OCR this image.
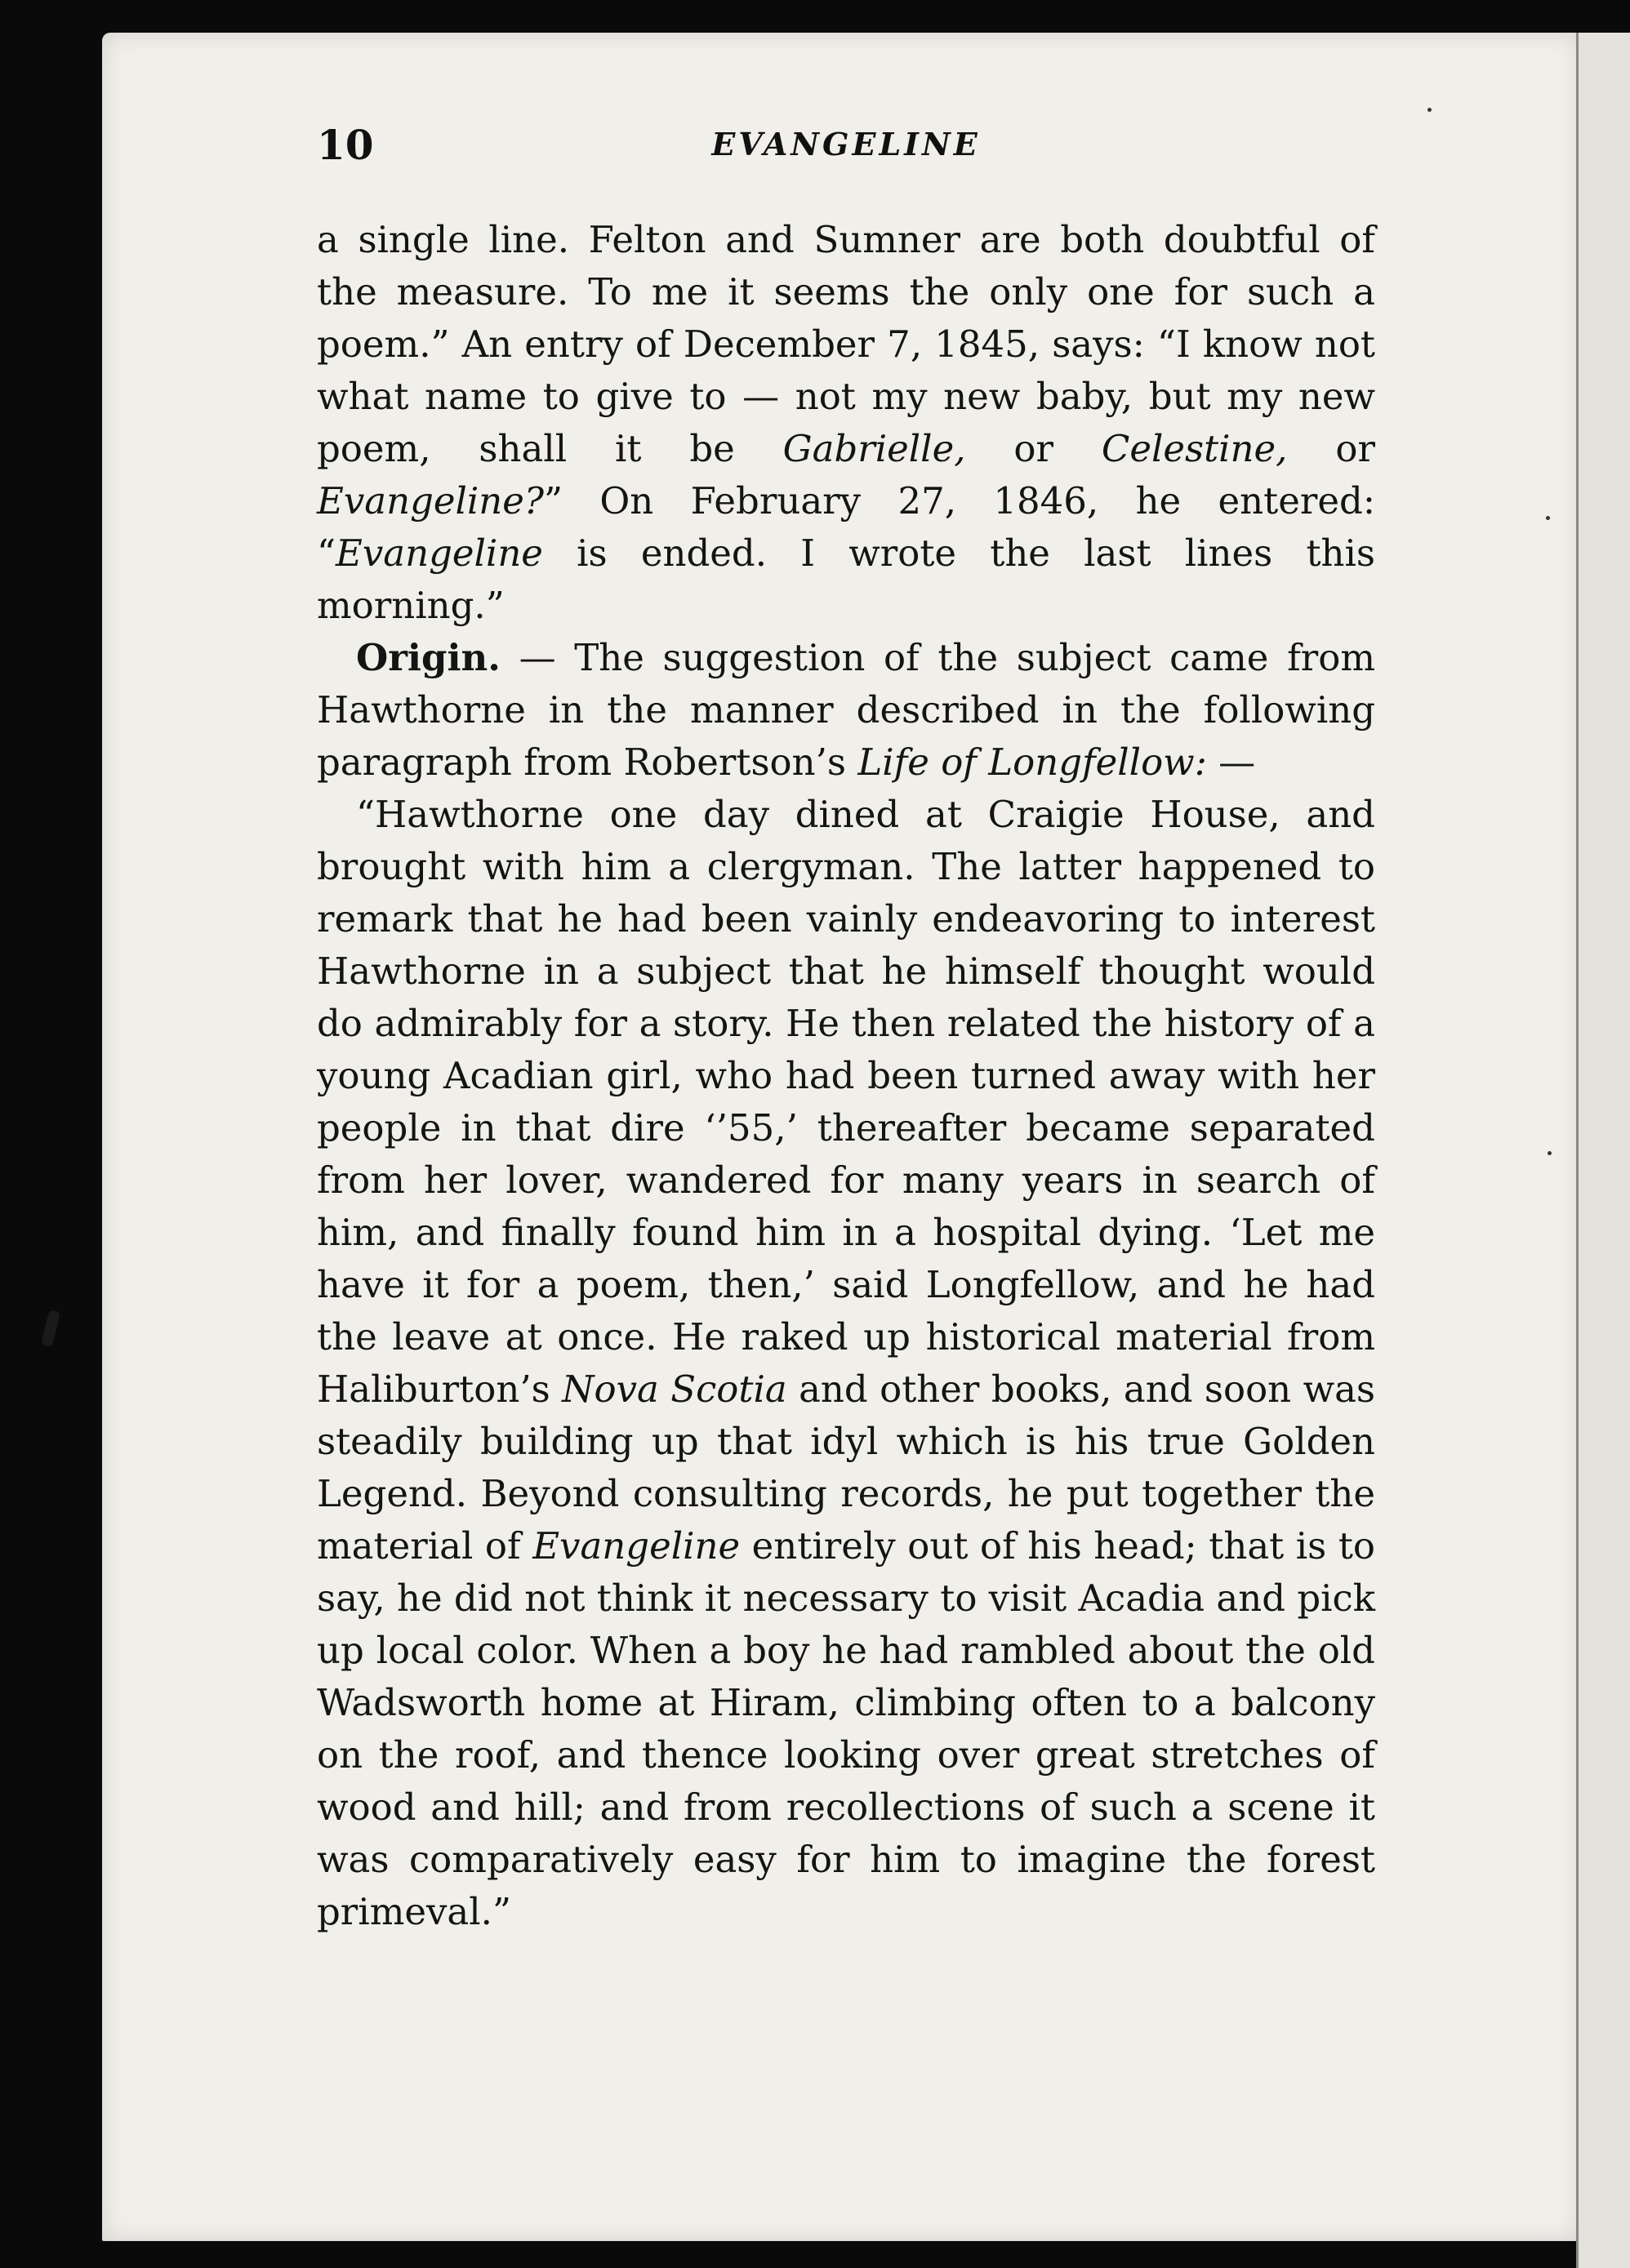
10	EVANGELINE

a single line. Felton and Sumner are both doubtful of the measure. To me it seems the only one for such a poem.” An entry of December 7, 1845, says: “I know not what name to give to — not my new baby, but my new poem, shall it be Gabrielle, or Celestine, or Evangeline?” On February 27, 1846, he entered: “Evangeline is ended. I wrote the last lines this morning.”

Origin. — The suggestion of the subject came from Hawthorne in the manner described in the following paragraph from Robertson’s Life of Longfellow: —

“Hawthorne one day dined at Craigie House, and brought with him a clergyman. The latter happened to remark that he had been vainly endeavoring to interest Hawthorne in a subject that he himself thought would do admirably for a story. He then related the history of a young Acadian girl, who had been turned away with her people in that dire ‘’55,’ thereafter became separated from her lover, wandered for many years in search of him, and finally found him in a hospital dying. ‘Let me have it for a poem, then,’ said Longfellow, and he had the leave at once. He raked up historical material from Haliburton’s Nova Scotia and other books, and soon was steadily building up that idyl which is his true Golden Legend. Beyond consulting records, he put together the material of Evangeline entirely out of his head; that is to say, he did not think it necessary to visit Acadia and pick up local color. When a boy he had rambled about the old Wadsworth home at Hiram, climbing often to a balcony on the roof, and thence looking over great stretches of wood and hill; and from recollections of such a scene it was comparatively easy for him to imagine the forest primeval.”
